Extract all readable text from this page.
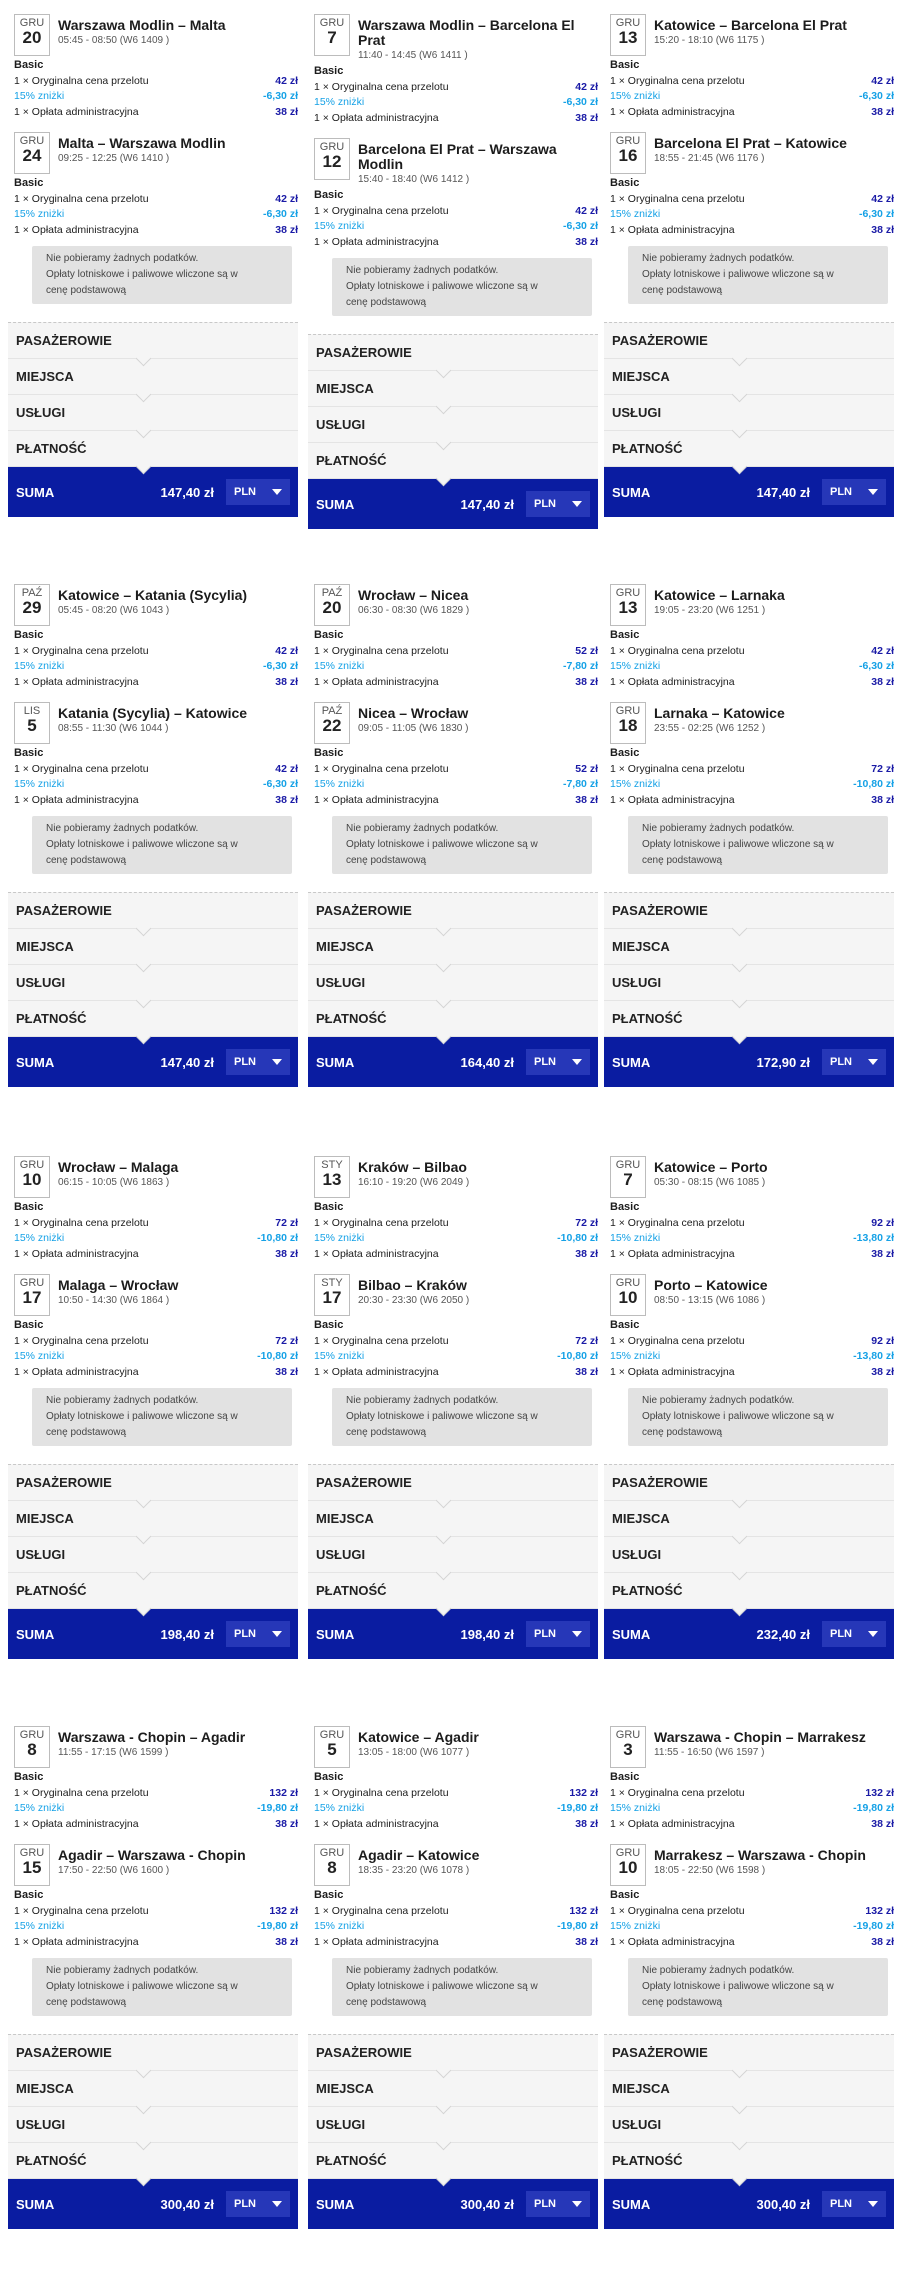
GRU
20
Warszawa Modlin – Malta
05:45 - 08:50 (W6 1409 )
Basic
1 × Oryginalna cena przelotu	42 zł
15% zniżki	-6,30 zł
1 × Opłata administracyjna	38 zł
GRU
24
Malta – Warszawa Modlin
09:25 - 12:25 (W6 1410 )
Basic
1 × Oryginalna cena przelotu	42 zł
15% zniżki	-6,30 zł
1 × Opłata administracyjna	38 zł
Nie pobieramy żadnych podatków.
Opłaty lotniskowe i paliwowe wliczone są w
cenę podstawową
PASAŻEROWIE
MIEJSCA
USŁUGI
PŁATNOŚĆ
SUMA	147,40 zł PLN
GRU
7
Warszawa Modlin – Barcelona El Prat
11:40 - 14:45 (W6 1411 )
Basic
1 × Oryginalna cena przelotu	42 zł
15% zniżki	-6,30 zł
1 × Opłata administracyjna	38 zł
GRU
12
Barcelona El Prat – Warszawa Modlin
15:40 - 18:40 (W6 1412 )
Basic
1 × Oryginalna cena przelotu	42 zł
15% zniżki	-6,30 zł
1 × Opłata administracyjna	38 zł
Nie pobieramy żadnych podatków.
Opłaty lotniskowe i paliwowe wliczone są w
cenę podstawową
PASAŻEROWIE
MIEJSCA
USŁUGI
PŁATNOŚĆ
SUMA	147,40 zł PLN
GRU
13
Katowice – Barcelona El Prat
15:20 - 18:10 (W6 1175 )
Basic
1 × Oryginalna cena przelotu	42 zł
15% zniżki	-6,30 zł
1 × Opłata administracyjna	38 zł
GRU
16
Barcelona El Prat – Katowice
18:55 - 21:45 (W6 1176 )
Basic
1 × Oryginalna cena przelotu	42 zł
15% zniżki	-6,30 zł
1 × Opłata administracyjna	38 zł
Nie pobieramy żadnych podatków.
Opłaty lotniskowe i paliwowe wliczone są w
cenę podstawową
PASAŻEROWIE
MIEJSCA
USŁUGI
PŁATNOŚĆ
SUMA	147,40 zł PLN
PAŹ
29
Katowice – Katania (Sycylia)
05:45 - 08:20 (W6 1043 )
Basic
1 × Oryginalna cena przelotu	42 zł
15% zniżki	-6,30 zł
1 × Opłata administracyjna	38 zł
LIS
5
Katania (Sycylia) – Katowice
08:55 - 11:30 (W6 1044 )
Basic
1 × Oryginalna cena przelotu	42 zł
15% zniżki	-6,30 zł
1 × Opłata administracyjna	38 zł
Nie pobieramy żadnych podatków.
Opłaty lotniskowe i paliwowe wliczone są w
cenę podstawową
PASAŻEROWIE
MIEJSCA
USŁUGI
PŁATNOŚĆ
SUMA	147,40 zł PLN
PAŹ
20
Wrocław – Nicea
06:30 - 08:30 (W6 1829 )
Basic
1 × Oryginalna cena przelotu	52 zł
15% zniżki	-7,80 zł
1 × Opłata administracyjna	38 zł
PAŹ
22
Nicea – Wrocław
09:05 - 11:05 (W6 1830 )
Basic
1 × Oryginalna cena przelotu	52 zł
15% zniżki	-7,80 zł
1 × Opłata administracyjna	38 zł
Nie pobieramy żadnych podatków.
Opłaty lotniskowe i paliwowe wliczone są w
cenę podstawową
PASAŻEROWIE
MIEJSCA
USŁUGI
PŁATNOŚĆ
SUMA	164,40 zł PLN
GRU
13
Katowice – Larnaka
19:05 - 23:20 (W6 1251 )
Basic
1 × Oryginalna cena przelotu	42 zł
15% zniżki	-6,30 zł
1 × Opłata administracyjna	38 zł
GRU
18
Larnaka – Katowice
23:55 - 02:25 (W6 1252 )
Basic
1 × Oryginalna cena przelotu	72 zł
15% zniżki	-10,80 zł
1 × Opłata administracyjna	38 zł
Nie pobieramy żadnych podatków.
Opłaty lotniskowe i paliwowe wliczone są w
cenę podstawową
PASAŻEROWIE
MIEJSCA
USŁUGI
PŁATNOŚĆ
SUMA	172,90 zł PLN
GRU
10
Wrocław – Malaga
06:15 - 10:05 (W6 1863 )
Basic
1 × Oryginalna cena przelotu	72 zł
15% zniżki	-10,80 zł
1 × Opłata administracyjna	38 zł
GRU
17
Malaga – Wrocław
10:50 - 14:30 (W6 1864 )
Basic
1 × Oryginalna cena przelotu	72 zł
15% zniżki	-10,80 zł
1 × Opłata administracyjna	38 zł
Nie pobieramy żadnych podatków.
Opłaty lotniskowe i paliwowe wliczone są w
cenę podstawową
PASAŻEROWIE
MIEJSCA
USŁUGI
PŁATNOŚĆ
SUMA	198,40 zł PLN
STY
13
Kraków – Bilbao
16:10 - 19:20 (W6 2049 )
Basic
1 × Oryginalna cena przelotu	72 zł
15% zniżki	-10,80 zł
1 × Opłata administracyjna	38 zł
STY
17
Bilbao – Kraków
20:30 - 23:30 (W6 2050 )
Basic
1 × Oryginalna cena przelotu	72 zł
15% zniżki	-10,80 zł
1 × Opłata administracyjna	38 zł
Nie pobieramy żadnych podatków.
Opłaty lotniskowe i paliwowe wliczone są w
cenę podstawową
PASAŻEROWIE
MIEJSCA
USŁUGI
PŁATNOŚĆ
SUMA	198,40 zł PLN
GRU
7
Katowice – Porto
05:30 - 08:15 (W6 1085 )
Basic
1 × Oryginalna cena przelotu	92 zł
15% zniżki	-13,80 zł
1 × Opłata administracyjna	38 zł
GRU
10
Porto – Katowice
08:50 - 13:15 (W6 1086 )
Basic
1 × Oryginalna cena przelotu	92 zł
15% zniżki	-13,80 zł
1 × Opłata administracyjna	38 zł
Nie pobieramy żadnych podatków.
Opłaty lotniskowe i paliwowe wliczone są w
cenę podstawową
PASAŻEROWIE
MIEJSCA
USŁUGI
PŁATNOŚĆ
SUMA	232,40 zł PLN
GRU
8
Warszawa - Chopin – Agadir
11:55 - 17:15 (W6 1599 )
Basic
1 × Oryginalna cena przelotu	132 zł
15% zniżki	-19,80 zł
1 × Opłata administracyjna	38 zł
GRU
15
Agadir – Warszawa - Chopin
17:50 - 22:50 (W6 1600 )
Basic
1 × Oryginalna cena przelotu	132 zł
15% zniżki	-19,80 zł
1 × Opłata administracyjna	38 zł
Nie pobieramy żadnych podatków.
Opłaty lotniskowe i paliwowe wliczone są w
cenę podstawową
PASAŻEROWIE
MIEJSCA
USŁUGI
PŁATNOŚĆ
SUMA	300,40 zł PLN
GRU
5
Katowice – Agadir
13:05 - 18:00 (W6 1077 )
Basic
1 × Oryginalna cena przelotu	132 zł
15% zniżki	-19,80 zł
1 × Opłata administracyjna	38 zł
GRU
8
Agadir – Katowice
18:35 - 23:20 (W6 1078 )
Basic
1 × Oryginalna cena przelotu	132 zł
15% zniżki	-19,80 zł
1 × Opłata administracyjna	38 zł
Nie pobieramy żadnych podatków.
Opłaty lotniskowe i paliwowe wliczone są w
cenę podstawową
PASAŻEROWIE
MIEJSCA
USŁUGI
PŁATNOŚĆ
SUMA	300,40 zł PLN
GRU
3
Warszawa - Chopin – Marrakesz
11:55 - 16:50 (W6 1597 )
Basic
1 × Oryginalna cena przelotu	132 zł
15% zniżki	-19,80 zł
1 × Opłata administracyjna	38 zł
GRU
10
Marrakesz – Warszawa - Chopin
18:05 - 22:50 (W6 1598 )
Basic
1 × Oryginalna cena przelotu	132 zł
15% zniżki	-19,80 zł
1 × Opłata administracyjna	38 zł
Nie pobieramy żadnych podatków.
Opłaty lotniskowe i paliwowe wliczone są w
cenę podstawową
PASAŻEROWIE
MIEJSCA
USŁUGI
PŁATNOŚĆ
SUMA	300,40 zł PLN
